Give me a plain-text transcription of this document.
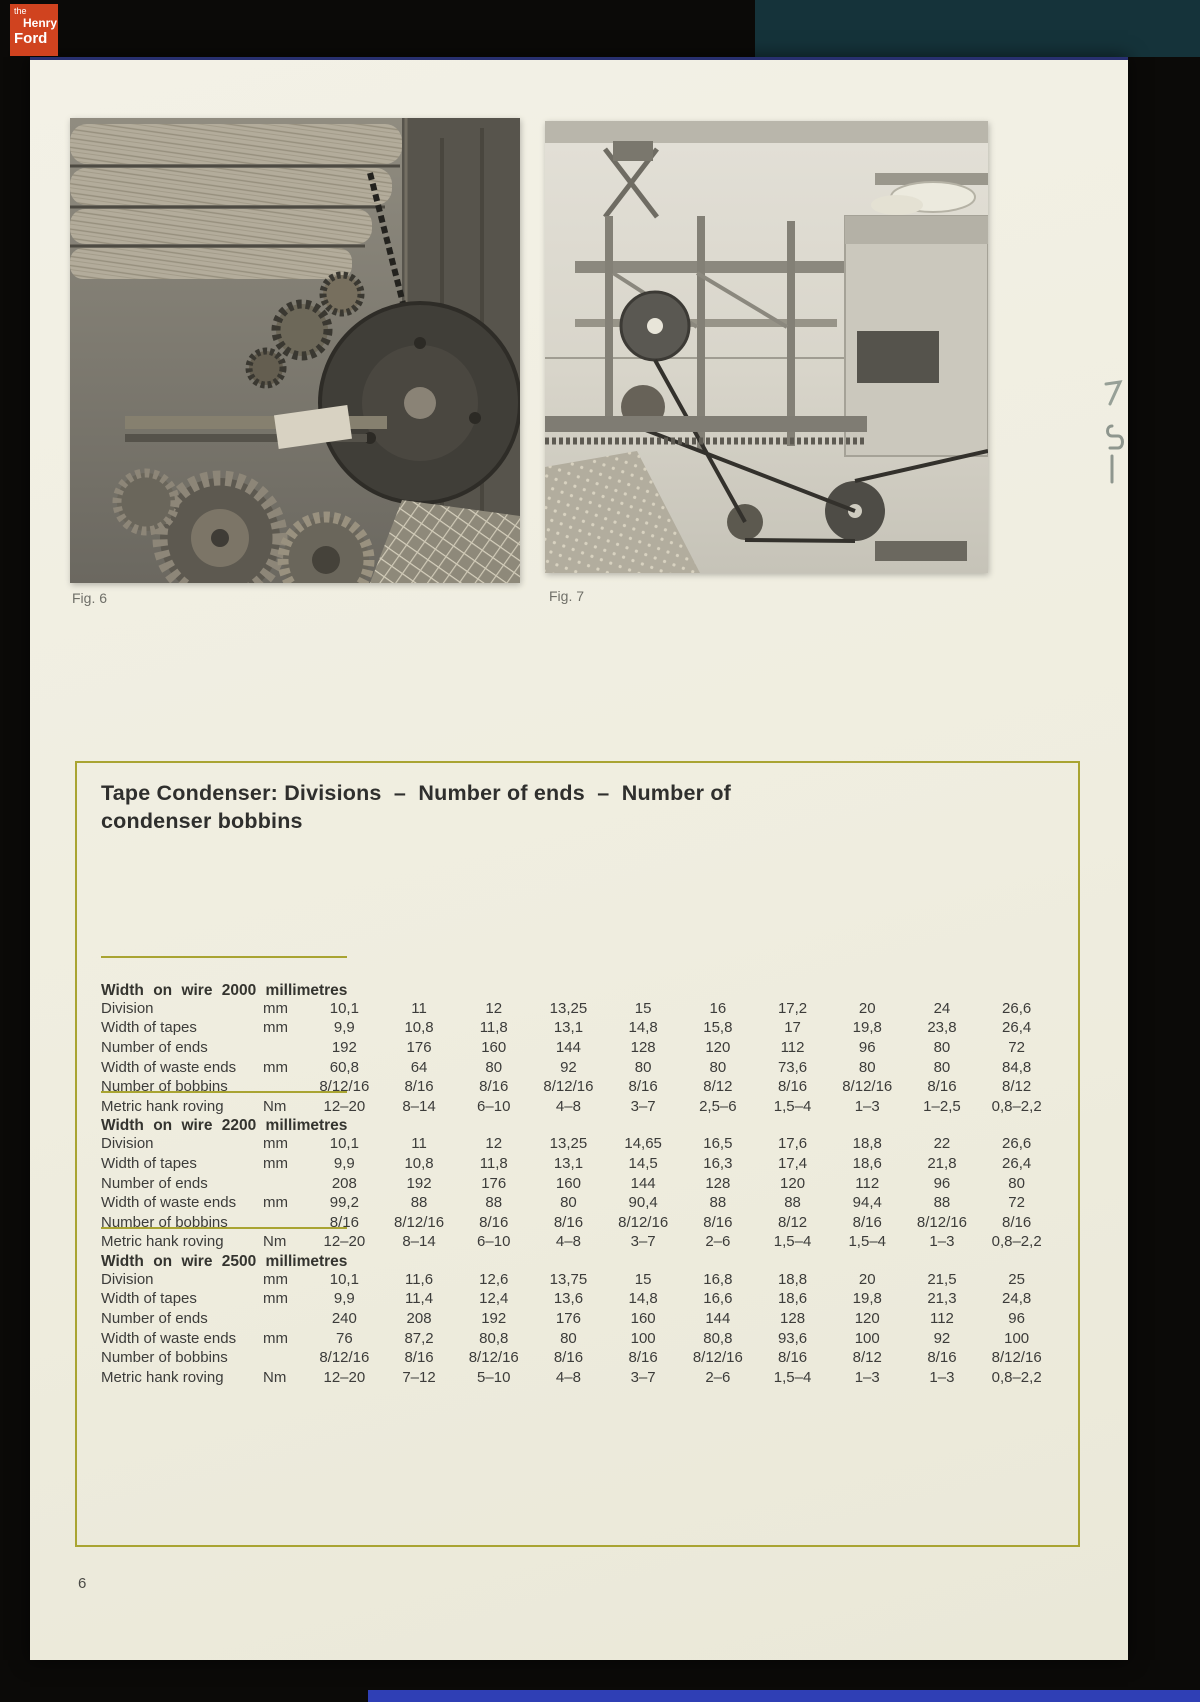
Fig. 6	Fig. 7
Tape Condenser: Divisions  –  Number of ends  –  Number of
condenser bobbins
Width on wire 2000 millimetres
Division	mm	10,1	11	12	13,25	15	16	17,2	20	24	26,6
Width of tapes	mm	9,9	10,8	11,8	13,1	14,8	15,8	17	19,8	23,8	26,4
Number of ends	192	176	160	144	128	120	112	96	80	72
Width of waste ends	mm	60,8	64	80	92	80	80	73,6	80	80	84,8
Number of bobbins	8/12/16	8/16	8/16	8/12/16	8/16	8/12	8/16	8/12/16	8/16	8/12
Metric hank roving	Nm	12–20	8–14	6–10	4–8	3–7	2,5–6	1,5–4	1–3	1–2,5	0,8–2,2
Width on wire 2200 millimetres
Division	mm	10,1	11	12	13,25	14,65	16,5	17,6	18,8	22	26,6
Width of tapes	mm	9,9	10,8	11,8	13,1	14,5	16,3	17,4	18,6	21,8	26,4
Number of ends	208	192	176	160	144	128	120	112	96	80
Width of waste ends	mm	99,2	88	88	80	90,4	88	88	94,4	88	72
Number of bobbins	8/16	8/12/16	8/16	8/16	8/12/16	8/16	8/12	8/16	8/12/16	8/16
Metric hank roving	Nm	12–20	8–14	6–10	4–8	3–7	2–6	1,5–4	1,5–4	1–3	0,8–2,2
Width on wire 2500 millimetres
Division	mm	10,1	11,6	12,6	13,75	15	16,8	18,8	20	21,5	25
Width of tapes	mm	9,9	11,4	12,4	13,6	14,8	16,6	18,6	19,8	21,3	24,8
Number of ends	240	208	192	176	160	144	128	120	112	96
Width of waste ends	mm	76	87,2	80,8	80	100	80,8	93,6	100	92	100
Number of bobbins	8/12/16	8/16	8/12/16	8/16	8/16	8/12/16	8/16	8/12	8/16	8/12/16
Metric hank roving	Nm	12–20	7–12	5–10	4–8	3–7	2–6	1,5–4	1–3	1–3	0,8–2,2
6
the
Henry
Ford
